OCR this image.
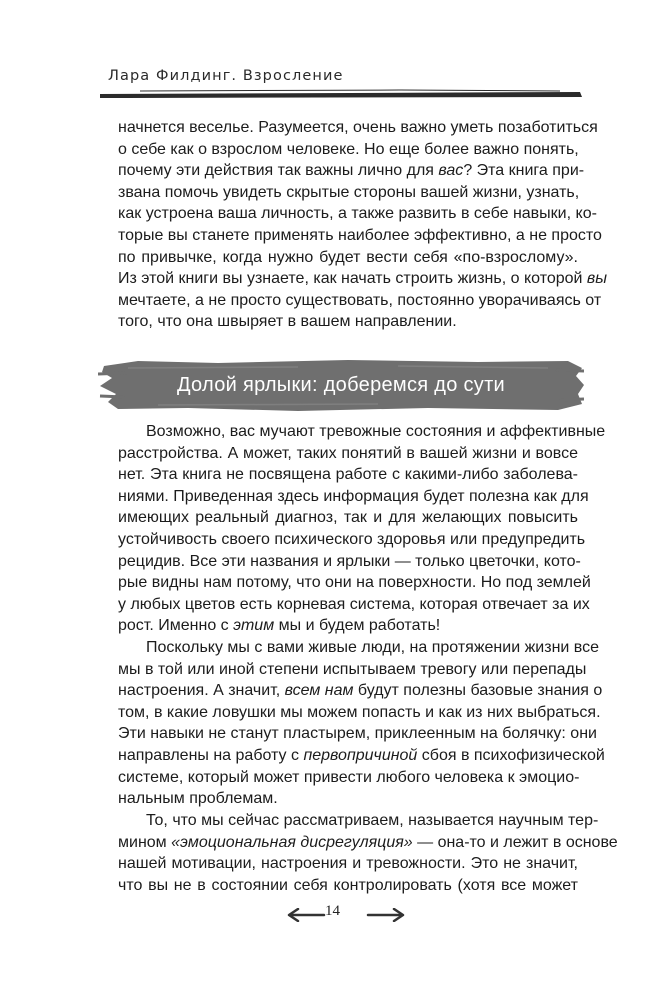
Лара Филдинг. Взросление
начнется веселье. Разумеется, очень важно уметь позаботиться
о себе как о взрослом человеке. Но еще более важно понять,
почему эти действия так важны лично для вас? Эта книга при-
звана помочь увидеть скрытые стороны вашей жизни, узнать,
как устроена ваша личность, а также развить в себе навыки, ко-
торые вы станете применять наиболее эффективно, а не просто
по привычке, когда нужно будет вести себя «по-взрослому».
Из этой книги вы узнаете, как начать строить жизнь, о которой вы
мечтаете, а не просто существовать, постоянно уворачиваясь от
того, что она швыряет в вашем направлении.
Долой ярлыки: доберемся до сути
Возможно, вас мучают тревожные состояния и аффективные
расстройства. А может, таких понятий в вашей жизни и вовсе
нет. Эта книга не посвящена работе с какими-либо заболева-
ниями. Приведенная здесь информация будет полезна как для
имеющих реальный диагноз, так и для желающих повысить
устойчивость своего психического здоровья или предупредить
рецидив. Все эти названия и ярлыки — только цветочки, кото-
рые видны нам потому, что они на поверхности. Но под землей
у любых цветов есть корневая система, которая отвечает за их
рост. Именно с этим мы и будем работать!
Поскольку мы с вами живые люди, на протяжении жизни все
мы в той или иной степени испытываем тревогу или перепады
настроения. А значит, всем нам будут полезны базовые знания о
том, в какие ловушки мы можем попасть и как из них выбраться.
Эти навыки не станут пластырем, приклеенным на болячку: они
направлены на работу с первопричиной сбоя в психофизической
системе, который может привести любого человека к эмоцио-
нальным проблемам.
То, что мы сейчас рассматриваем, называется научным тер-
мином «эмоциональная дисрегуляция» — она-то и лежит в основе
нашей мотивации, настроения и тревожности. Это не значит,
что вы не в состоянии себя контролировать (хотя все может
14
